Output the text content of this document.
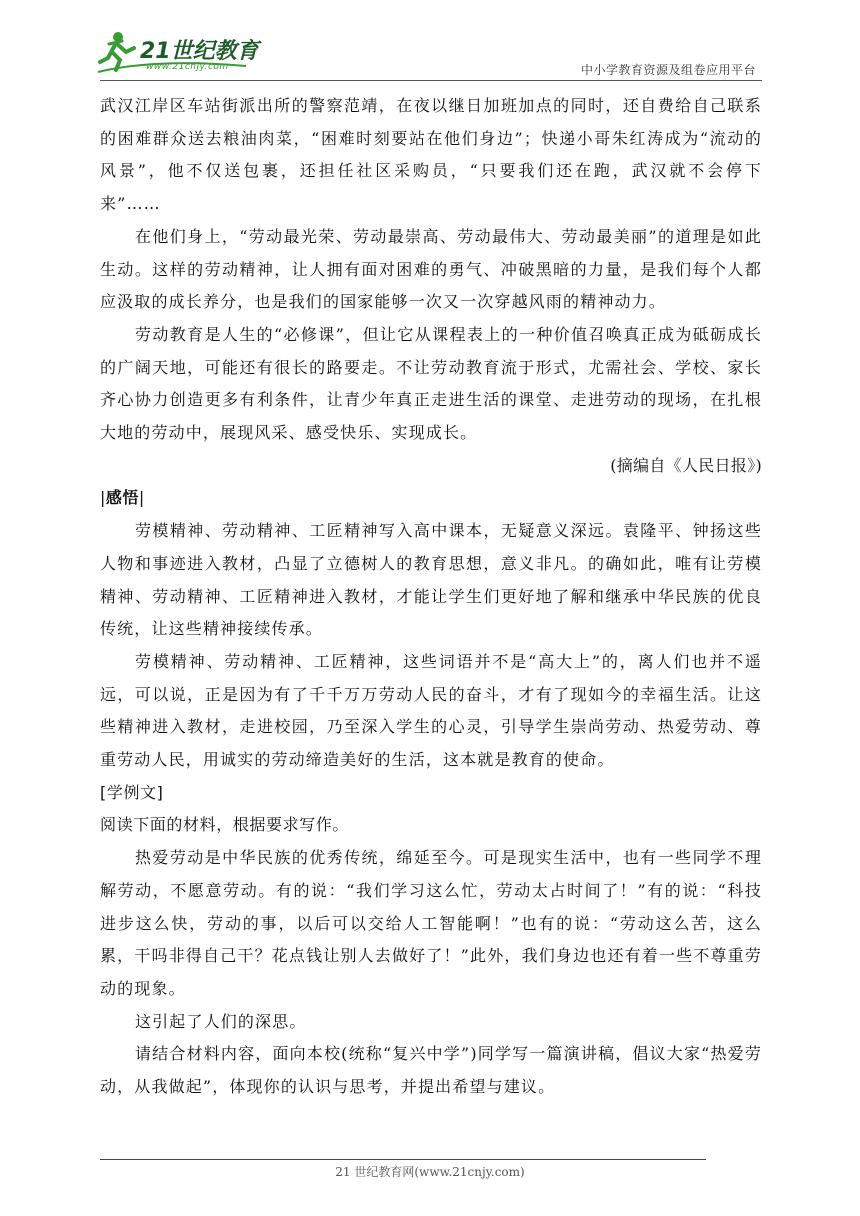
21世纪教育
www.21cnjy.com	中小学教育资源及组卷应用平台

武汉江岸区车站街派出所的警察范靖，在夜以继日加班加点的同时，还自费给自己联系的困难群众送去粮油肉菜，“困难时刻要站在他们身边”；快递小哥朱红涛成为“流动的风景”，他不仅送包裹，还担任社区采购员，“只要我们还在跑，武汉就不会停下来”……

在他们身上，“劳动最光荣、劳动最崇高、劳动最伟大、劳动最美丽”的道理是如此生动。这样的劳动精神，让人拥有面对困难的勇气、冲破黑暗的力量，是我们每个人都应汲取的成长养分，也是我们的国家能够一次又一次穿越风雨的精神动力。

劳动教育是人生的“必修课”，但让它从课程表上的一种价值召唤真正成为砥砺成长的广阔天地，可能还有很长的路要走。不让劳动教育流于形式，尤需社会、学校、家长齐心协力创造更多有利条件，让青少年真正走进生活的课堂、走进劳动的现场，在扎根大地的劳动中，展现风采、感受快乐、实现成长。

(摘编自《人民日报》)

|感悟|

劳模精神、劳动精神、工匠精神写入高中课本，无疑意义深远。袁隆平、钟扬这些人物和事迹进入教材，凸显了立德树人的教育思想，意义非凡。的确如此，唯有让劳模精神、劳动精神、工匠精神进入教材，才能让学生们更好地了解和继承中华民族的优良传统，让这些精神接续传承。

劳模精神、劳动精神、工匠精神，这些词语并不是“高大上”的，离人们也并不遥远，可以说，正是因为有了千千万万劳动人民的奋斗，才有了现如今的幸福生活。让这些精神进入教材，走进校园，乃至深入学生的心灵，引导学生崇尚劳动、热爱劳动、尊重劳动人民，用诚实的劳动缔造美好的生活，这本就是教育的使命。

[学例文]

阅读下面的材料，根据要求写作。

热爱劳动是中华民族的优秀传统，绵延至今。可是现实生活中，也有一些同学不理解劳动，不愿意劳动。有的说：“我们学习这么忙，劳动太占时间了！”有的说：“科技进步这么快，劳动的事，以后可以交给人工智能啊！”也有的说：“劳动这么苦，这么累，干吗非得自己干？花点钱让别人去做好了！”此外，我们身边也还有着一些不尊重劳动的现象。

这引起了人们的深思。

请结合材料内容，面向本校(统称“复兴中学”)同学写一篇演讲稿，倡议大家“热爱劳动，从我做起”，体现你的认识与思考，并提出希望与建议。

21 世纪教育网(www.21cnjy.com)
